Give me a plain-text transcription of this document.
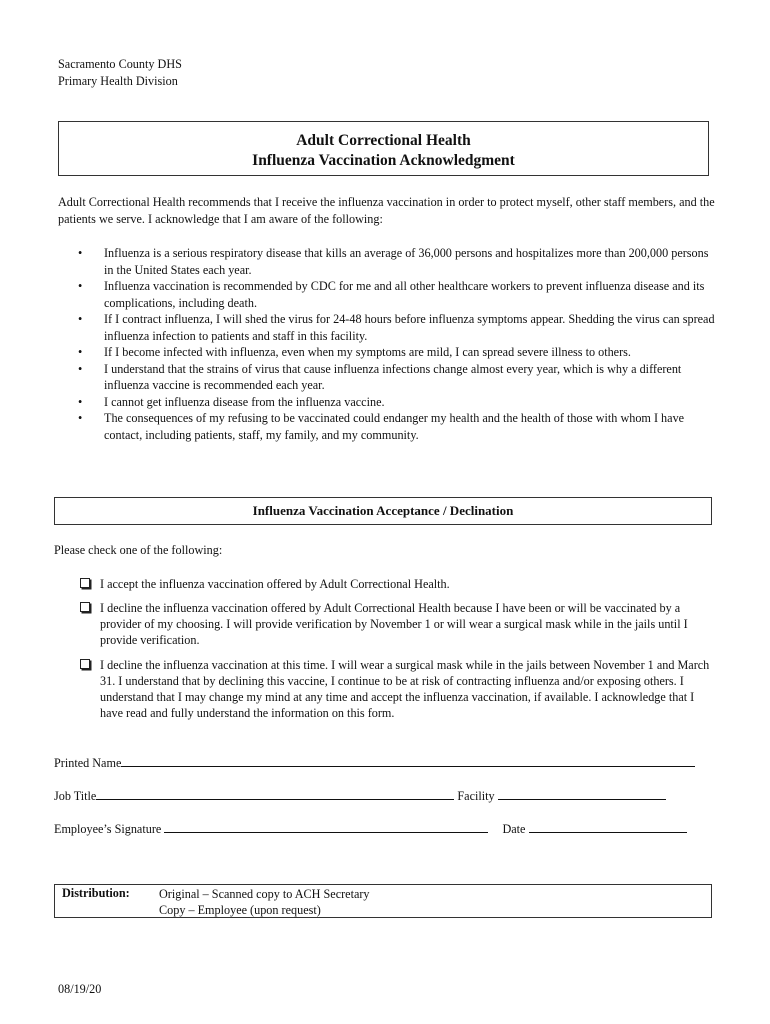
Sacramento County DHS
Primary Health Division
Adult Correctional Health
Influenza Vaccination Acknowledgment
Adult Correctional Health recommends that I receive the influenza vaccination in order to protect myself, other staff members, and the patients we serve. I acknowledge that I am aware of the following:
• Influenza is a serious respiratory disease that kills an average of 36,000 persons and hospitalizes more than 200,000 persons in the United States each year.
• Influenza vaccination is recommended by CDC for me and all other healthcare workers to prevent influenza disease and its complications, including death.
• If I contract influenza, I will shed the virus for 24-48 hours before influenza symptoms appear. Shedding the virus can spread influenza infection to patients and staff in this facility.
• If I become infected with influenza, even when my symptoms are mild, I can spread severe illness to others.
• I understand that the strains of virus that cause influenza infections change almost every year, which is why a different influenza vaccine is recommended each year.
• I cannot get influenza disease from the influenza vaccine.
• The consequences of my refusing to be vaccinated could endanger my health and the health of those with whom I have contact, including patients, staff, my family, and my community.
Influenza Vaccination Acceptance / Declination
Please check one of the following:
I accept the influenza vaccination offered by Adult Correctional Health.
I decline the influenza vaccination offered by Adult Correctional Health because I have been or will be vaccinated by a provider of my choosing. I will provide verification by November 1 or will wear a surgical mask while in the jails until I provide verification.
I decline the influenza vaccination at this time. I will wear a surgical mask while in the jails between November 1 and March 31. I understand that by declining this vaccine, I continue to be at risk of contracting influenza and/or exposing others. I understand that I may change my mind at any time and accept the influenza vaccination, if available. I acknowledge that I have read and fully understand the information on this form.
Printed Name
Job Title	Facility
Employee’s Signature	Date
Distribution: Original – Scanned copy to ACH Secretary
Copy – Employee (upon request)
08/19/20
